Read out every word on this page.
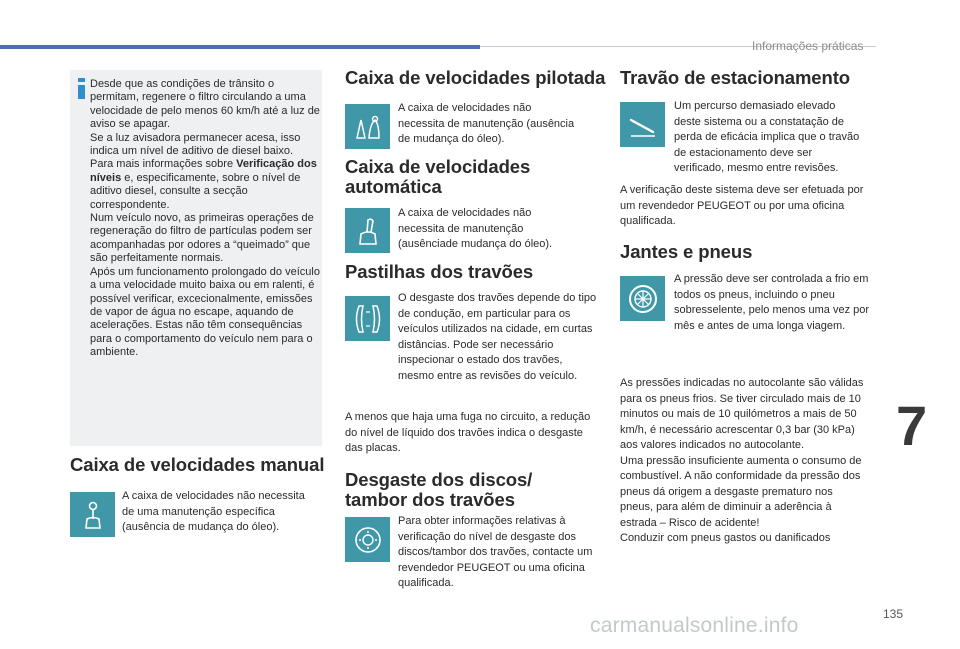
Informações práticas
7
135
carmanualsonline.info
Desde que as condições de trânsito o permitam, regenere o filtro circulando a uma velocidade de pelo menos 60 km/h até a luz de aviso se apagar.
Se a luz avisadora permanecer acesa, isso indica um nível de aditivo de diesel baixo.
Para mais informações sobre Verificação dos níveis e, especificamente, sobre o nível de aditivo diesel, consulte a secção correspondente.
Num veículo novo, as primeiras operações de regeneração do filtro de partículas podem ser acompanhadas por odores a “queimado” que são perfeitamente normais.
Após um funcionamento prolongado do veículo a uma velocidade muito baixa ou em ralenti, é possível verificar, excecionalmente, emissões de vapor de água no escape, aquando de acelerações. Estas não têm consequências para o comportamento do veículo nem para o ambiente.
Caixa de velocidades manual

A caixa de velocidades não necessita de uma manutenção específica (ausência de mudança do óleo).

Caixa de velocidades pilotada

A caixa de velocidades não necessita de manutenção (ausência de mudança do óleo).

Caixa de velocidades
automática

A caixa de velocidades não necessita de manutenção (ausênciade mudança do óleo).

Pastilhas dos travões

O desgaste dos travões depende do tipo de condução, em particular para os veículos utilizados na cidade, em curtas distâncias. Pode ser necessário inspecionar o estado dos travões, mesmo entre as revisões do veículo.

A menos que haja uma fuga no circuito, a redução do nível de líquido dos travões indica o desgaste das placas.

Desgaste dos discos/
tambor dos travões

Para obter informações relativas à verificação do nível de desgaste dos discos/tambor dos travões, contacte um revendedor PEUGEOT ou uma oficina qualificada.

Travão de estacionamento

Um percurso demasiado elevado deste sistema ou a constatação de perda de eficácia implica que o travão de estacionamento deve ser verificado, mesmo entre revisões.

A verificação deste sistema deve ser efetuada por um revendedor PEUGEOT ou por uma oficina qualificada.

Jantes e pneus

A pressão deve ser controlada a frio em todos os pneus, incluindo o pneu sobresselente, pelo menos uma vez por mês e antes de uma longa viagem.

As pressões indicadas no autocolante são válidas para os pneus frios. Se tiver circulado mais de 10 minutos ou mais de 10 quilómetros a mais de 50 km/h, é necessário acrescentar 0,3 bar (30 kPa) aos valores indicados no autocolante.
Uma pressão insuficiente aumenta o consumo de combustível. A não conformidade da pressão dos pneus dá origem a desgaste prematuro nos pneus, para além de diminuir a aderência à estrada – Risco de acidente!
Conduzir com pneus gastos ou danificados
